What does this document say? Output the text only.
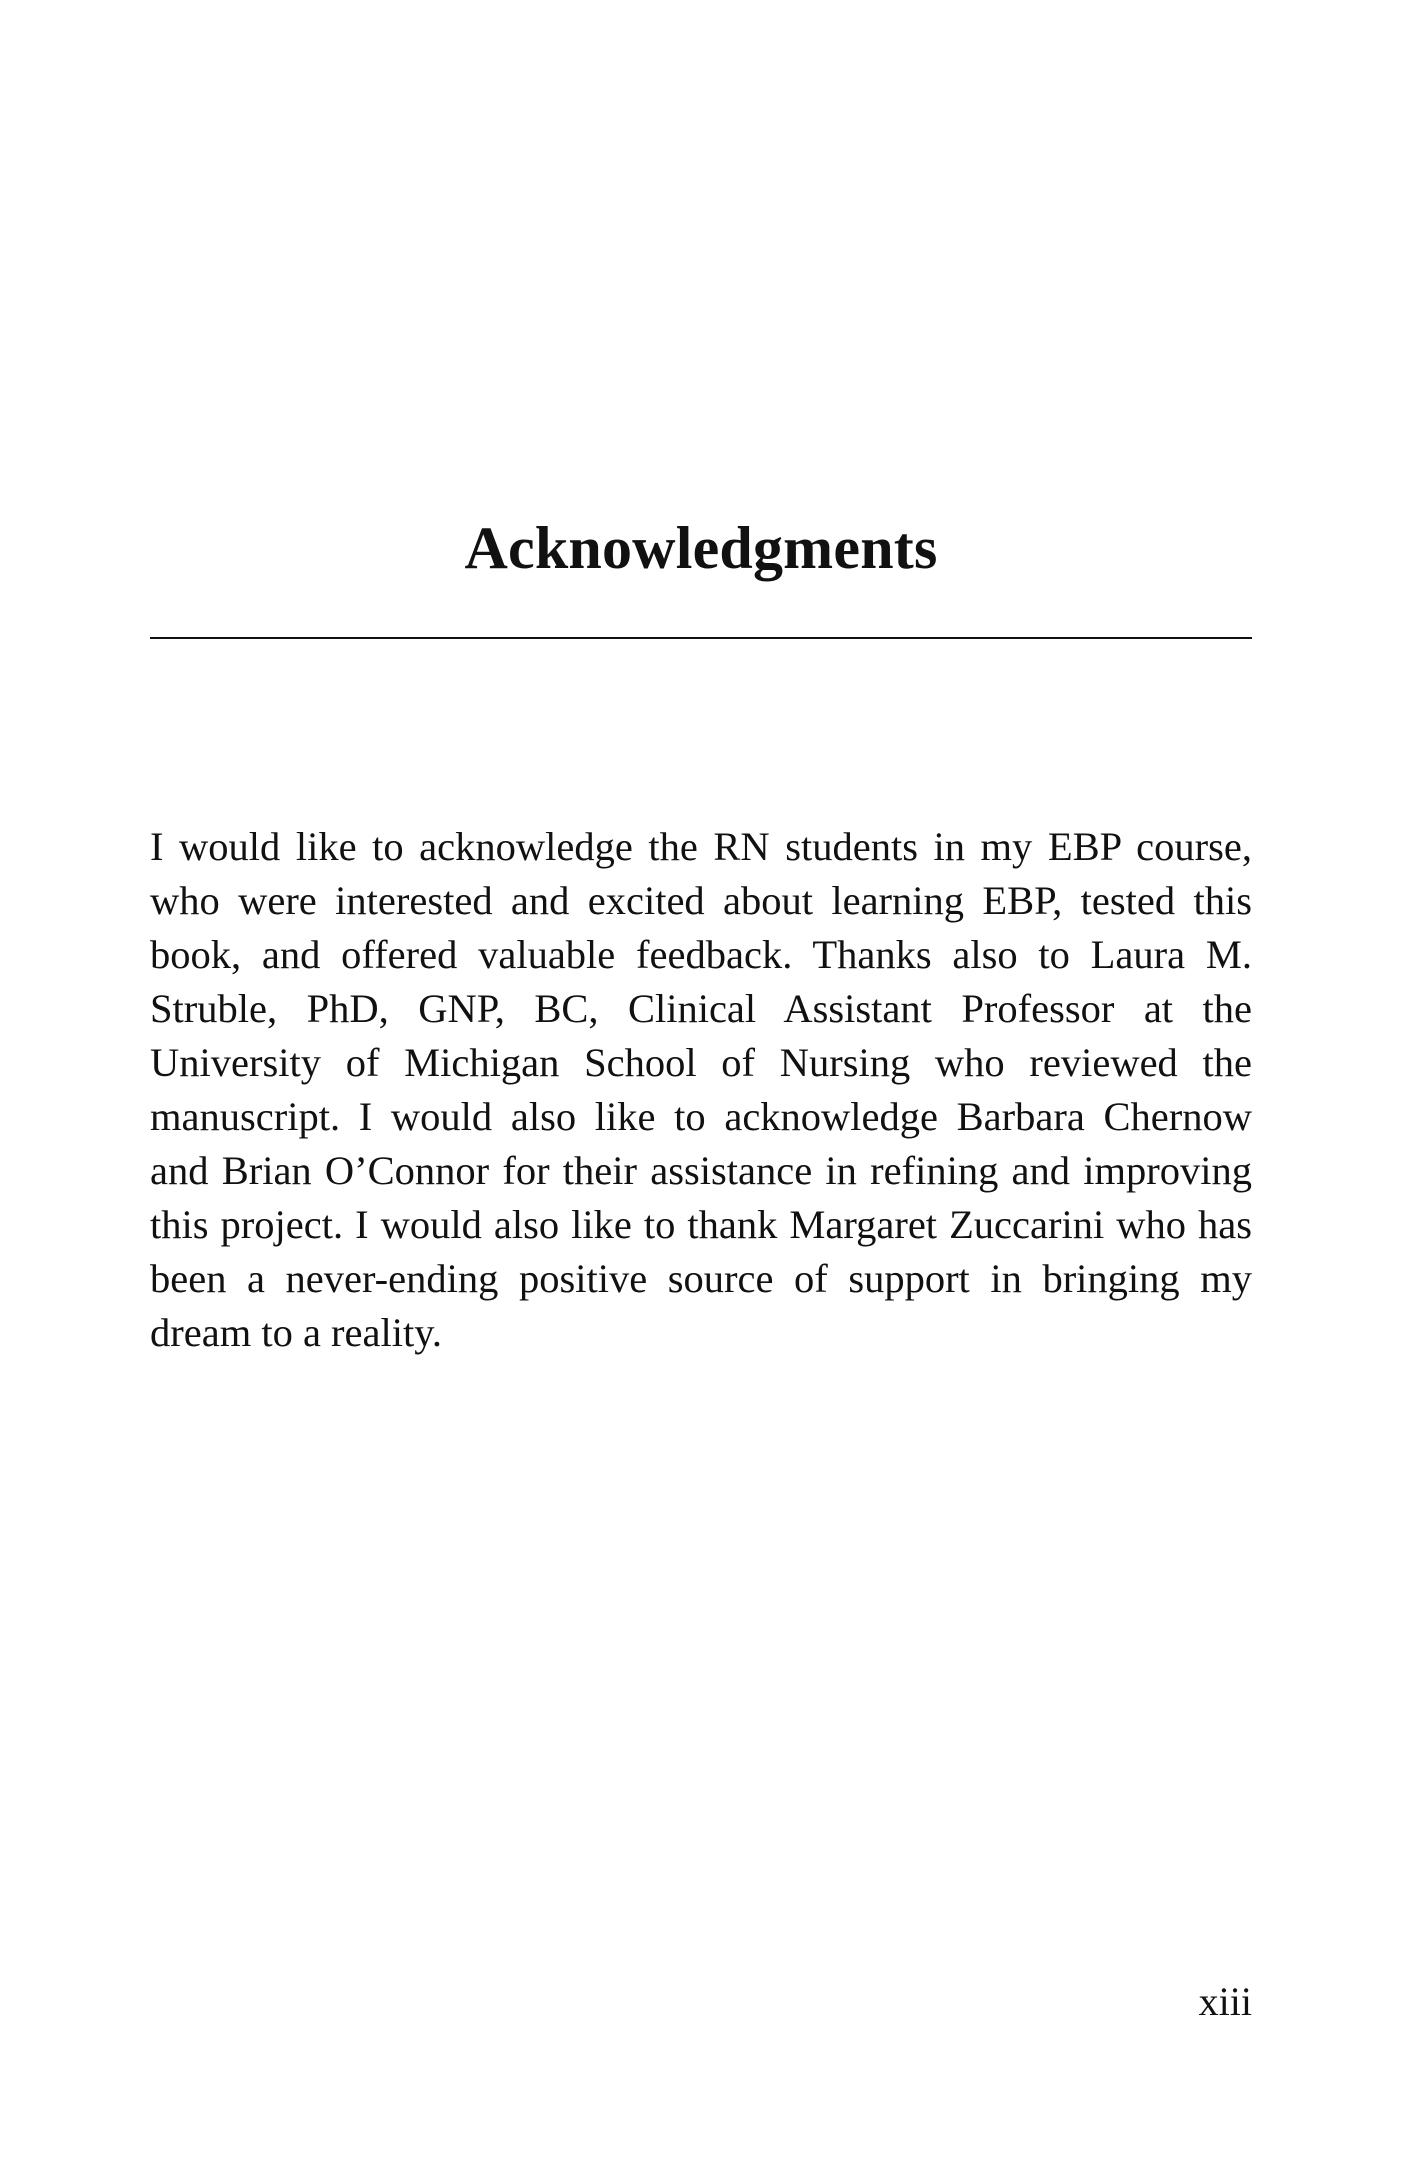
Acknowledgments

I would like to acknowledge the RN students in my EBP course, who were interested and excited about learning EBP, tested this book, and offered valuable feedback. Thanks also to Laura M. Struble, PhD, GNP, BC, Clinical Assistant Professor at the University of Michigan School of Nursing who reviewed the manuscript. I would also like to acknowledge Barbara Chernow and Brian O’Connor for their assistance in refining and improving this project. I would also like to thank Margaret Zuccarini who has been a never-ending positive source of support in bringing my dream to a reality.

xiii
